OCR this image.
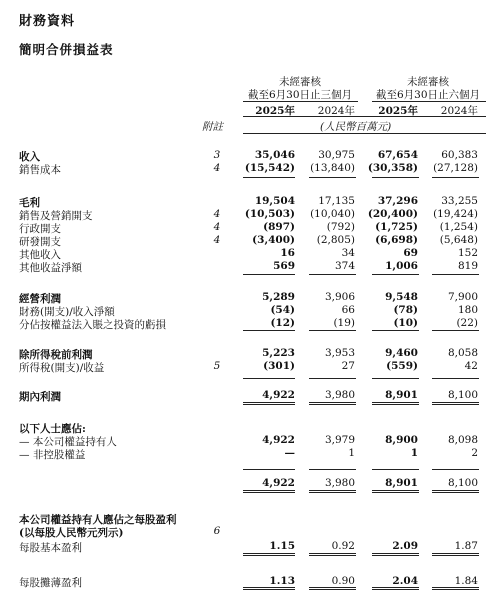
財務資料
簡明合併損益表
未經審核
截至6月30日止三個月
未經審核
截至6月30日止六個月
2025年 2024年 2025年 2024年
附註	(人民幣百萬元)
收入	3	35,046 30,975 67,654 60,383
銷售成本	4 (15,542) (13,840) (30,358) (27,128)
毛利	19,504 17,135 37,296 33,255
銷售及營銷開支	4 (10,503) (10,040) (20,400) (19,424)
行政開支	4	(897)	(792) (1,725) (1,254)
研發開支	4	(3,400) (2,805) (6,698) (5,648)
其他收入	16	34	69	152
其他收益淨額	569	374	1,006	819
經營利潤	5,289	3,906	9,548	7,900
財務(開支)/收入淨額	(54)	66	(78)	180
分佔按權益法入賬之投資的虧損	(12)	(19)	(10)	(22)
除所得稅前利潤	5,223	3,953	9,460	8,058
所得稅(開支)/收益	5	(301)	27	(559)	42
期內利潤	4,922	3,980	8,901	8,100
以下人士應佔:
— 本公司權益持有人	4,922	3,979	8,900	8,098
— 非控股權益	—	1	1	2
4,922	3,980	8,901	8,100
本公司權益持有人應佔之每股盈利
(以每股人民幣元列示)	6
每股基本盈利	1.15	0.92	2.09	1.87
每股攤薄盈利	1.13	0.90	2.04	1.84
